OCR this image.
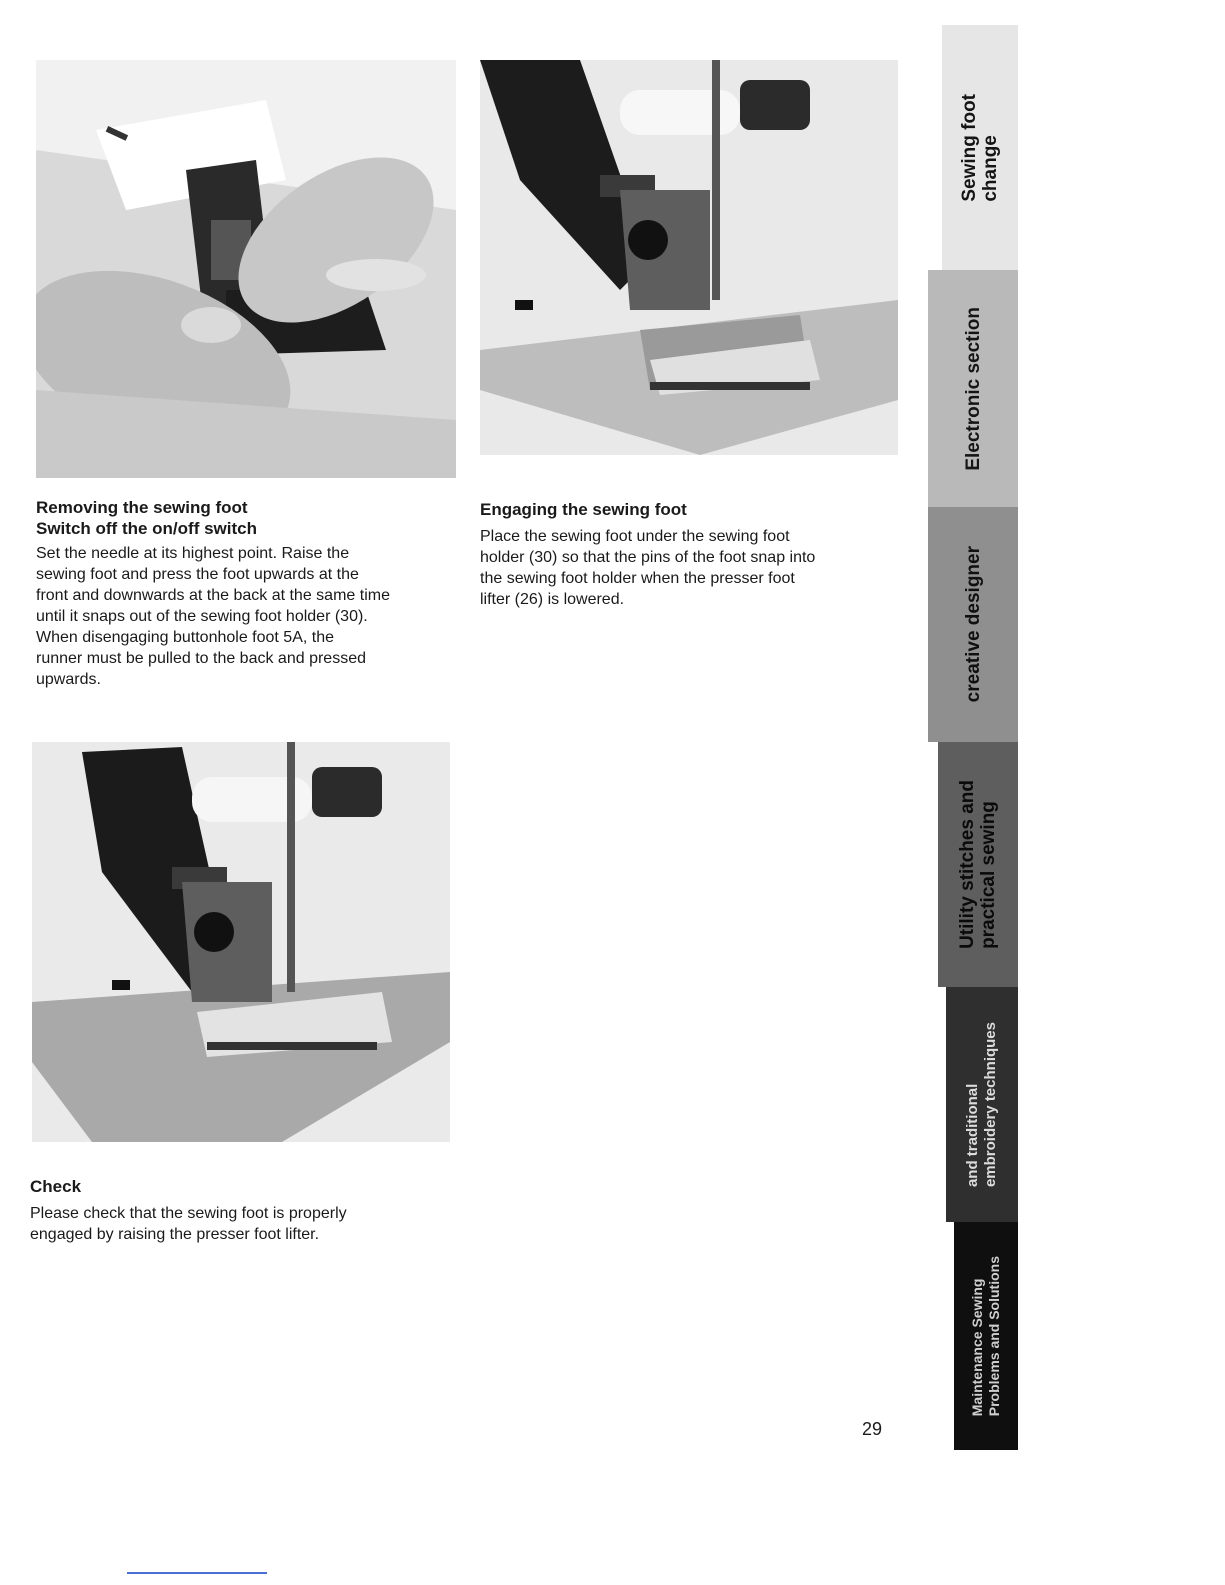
Removing the sewing foot

Switch off the on/off switch

Set the needle at its highest point. Raise the
sewing foot and press the foot upwards at the
front and downwards at the back at the same time
until it snaps out of the sewing foot holder (30).
When disengaging buttonhole foot 5A, the
runner must be pulled to the back and pressed
upwards.

Engaging the sewing foot

Place the sewing foot under the sewing foot
holder (30) so that the pins of the foot snap into
the sewing foot holder when the presser foot
lifter (26) is lowered.

Check

Please check that the sewing foot is properly
engaged by raising the presser foot lifter.

29
Sewing foot change
Electronic section
creative designer
Utility stitches and practical sewing
and traditional embroidery techniques
Maintenance Sewing Problems and Solutions
